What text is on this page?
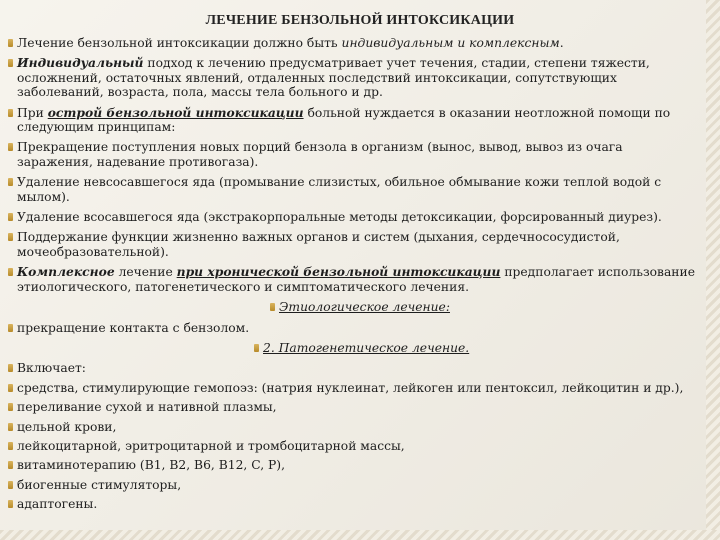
ЛЕЧЕНИЕ БЕНЗОЛЬНОЙ ИНТОКСИКАЦИИ
Лечение бензольной интоксикации должно быть индивидуальным и комплексным.
Индивидуальный подход к лечению предусматривает учет течения, стадии, степени тяжести, осложнений, остаточных явлений, отдаленных последствий интоксикации, сопутствующих заболеваний, возраста, пола, массы тела больного и др.
При острой бензольной интоксикации больной нуждается в оказании неотложной помощи по следующим принципам:
Прекращение поступления новых порций бензола в организм (вынос, вывод, вывоз из очага заражения, надевание противогаза).
Удаление невсосавшегося яда (промывание слизистых, обильное обмывание кожи теплой водой с мылом).
Удаление всосавшегося яда (экстракорпоральные методы детоксикации, форсированный диурез).
Поддержание функции жизненно важных органов и систем (дыхания, сердечнососудистой, мочеобразовательной).
Комплексное лечение при хронической бензольной интоксикации предполагает использование этиологического, патогенетического и симптоматического лечения.
Этиологическое лечение:
прекращение контакта с бензолом.
2. Патогенетическое лечение.
Включает:
средства, стимулирующие гемопоэз: (натрия нуклеинат, лейкоген или пентоксил, лейкоцитин и др.),
переливание сухой и нативной плазмы,
цельной крови,
лейкоцитарной, эритроцитарной и тромбоцитарной массы,
витаминотерапию (B1, B2, B6, B12, C, P),
биогенные стимуляторы,
адаптогены.
